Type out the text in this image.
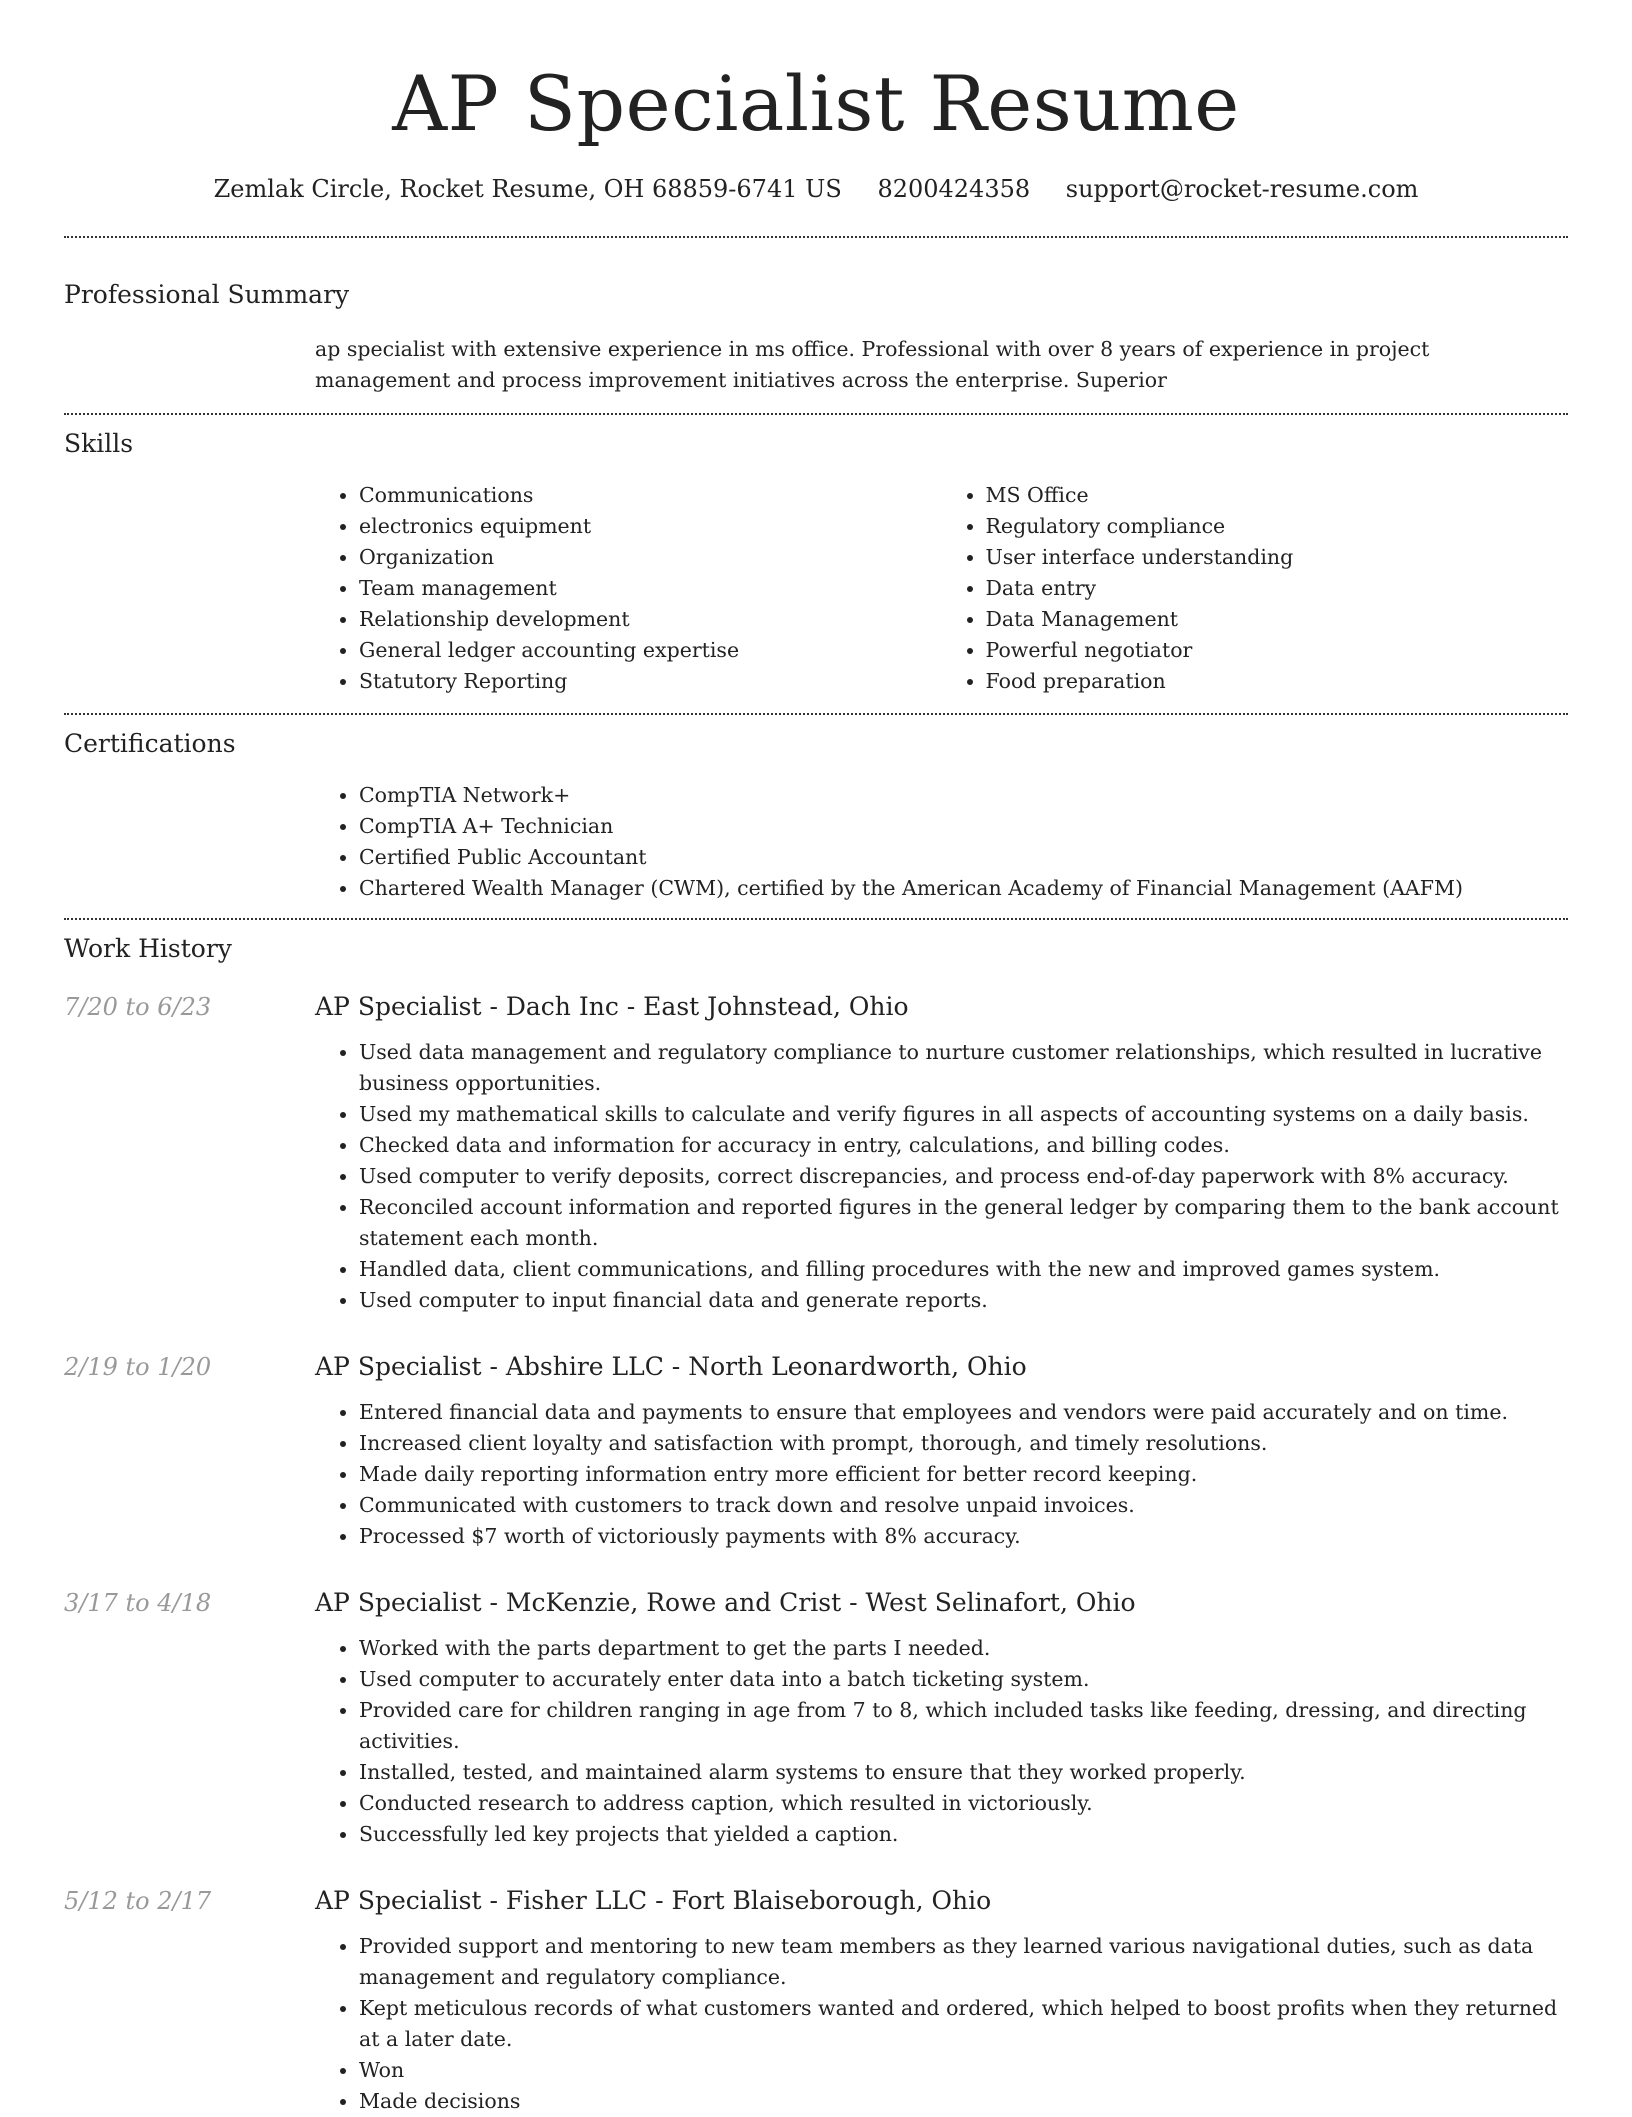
AP Specialist Resume
Zemlak Circle, Rocket Resume, OH 68859-6741 US 8200424358 support@rocket-resume.com
Professional Summary
ap specialist with extensive experience in ms office. Professional with over 8 years of experience in project management and process improvement initiatives across the enterprise. Superior
Skills
• Communications
• electronics equipment
• Organization
• Team management
• Relationship development
• General ledger accounting expertise
• Statutory Reporting
• MS Office
• Regulatory compliance
• User interface understanding
• Data entry
• Data Management
• Powerful negotiator
• Food preparation
Certifications
• CompTIA Network+
• CompTIA A+ Technician
• Certified Public Accountant
• Chartered Wealth Manager (CWM), certified by the American Academy of Financial Management (AAFM)
Work History
7/20 to 6/23	AP Specialist - Dach Inc - East Johnstead, Ohio
• Used data management and regulatory compliance to nurture customer relationships, which resulted in lucrative business opportunities.
• Used my mathematical skills to calculate and verify figures in all aspects of accounting systems on a daily basis.
• Checked data and information for accuracy in entry, calculations, and billing codes.
• Used computer to verify deposits, correct discrepancies, and process end-of-day paperwork with 8% accuracy.
• Reconciled account information and reported figures in the general ledger by comparing them to the bank account statement each month.
• Handled data, client communications, and filling procedures with the new and improved games system.
• Used computer to input financial data and generate reports.
2/19 to 1/20	AP Specialist - Abshire LLC - North Leonardworth, Ohio
• Entered financial data and payments to ensure that employees and vendors were paid accurately and on time.
• Increased client loyalty and satisfaction with prompt, thorough, and timely resolutions.
• Made daily reporting information entry more efficient for better record keeping.
• Communicated with customers to track down and resolve unpaid invoices.
• Processed $7 worth of victoriously payments with 8% accuracy.
3/17 to 4/18	AP Specialist - McKenzie, Rowe and Crist - West Selinafort, Ohio
• Worked with the parts department to get the parts I needed.
• Used computer to accurately enter data into a batch ticketing system.
• Provided care for children ranging in age from 7 to 8, which included tasks like feeding, dressing, and directing activities.
• Installed, tested, and maintained alarm systems to ensure that they worked properly.
• Conducted research to address caption, which resulted in victoriously.
• Successfully led key projects that yielded a caption.
5/12 to 2/17	AP Specialist - Fisher LLC - Fort Blaiseborough, Ohio
• Provided support and mentoring to new team members as they learned various navigational duties, such as data management and regulatory compliance.
• Kept meticulous records of what customers wanted and ordered, which helped to boost profits when they returned at a later date.
• Won
• Made decisions
